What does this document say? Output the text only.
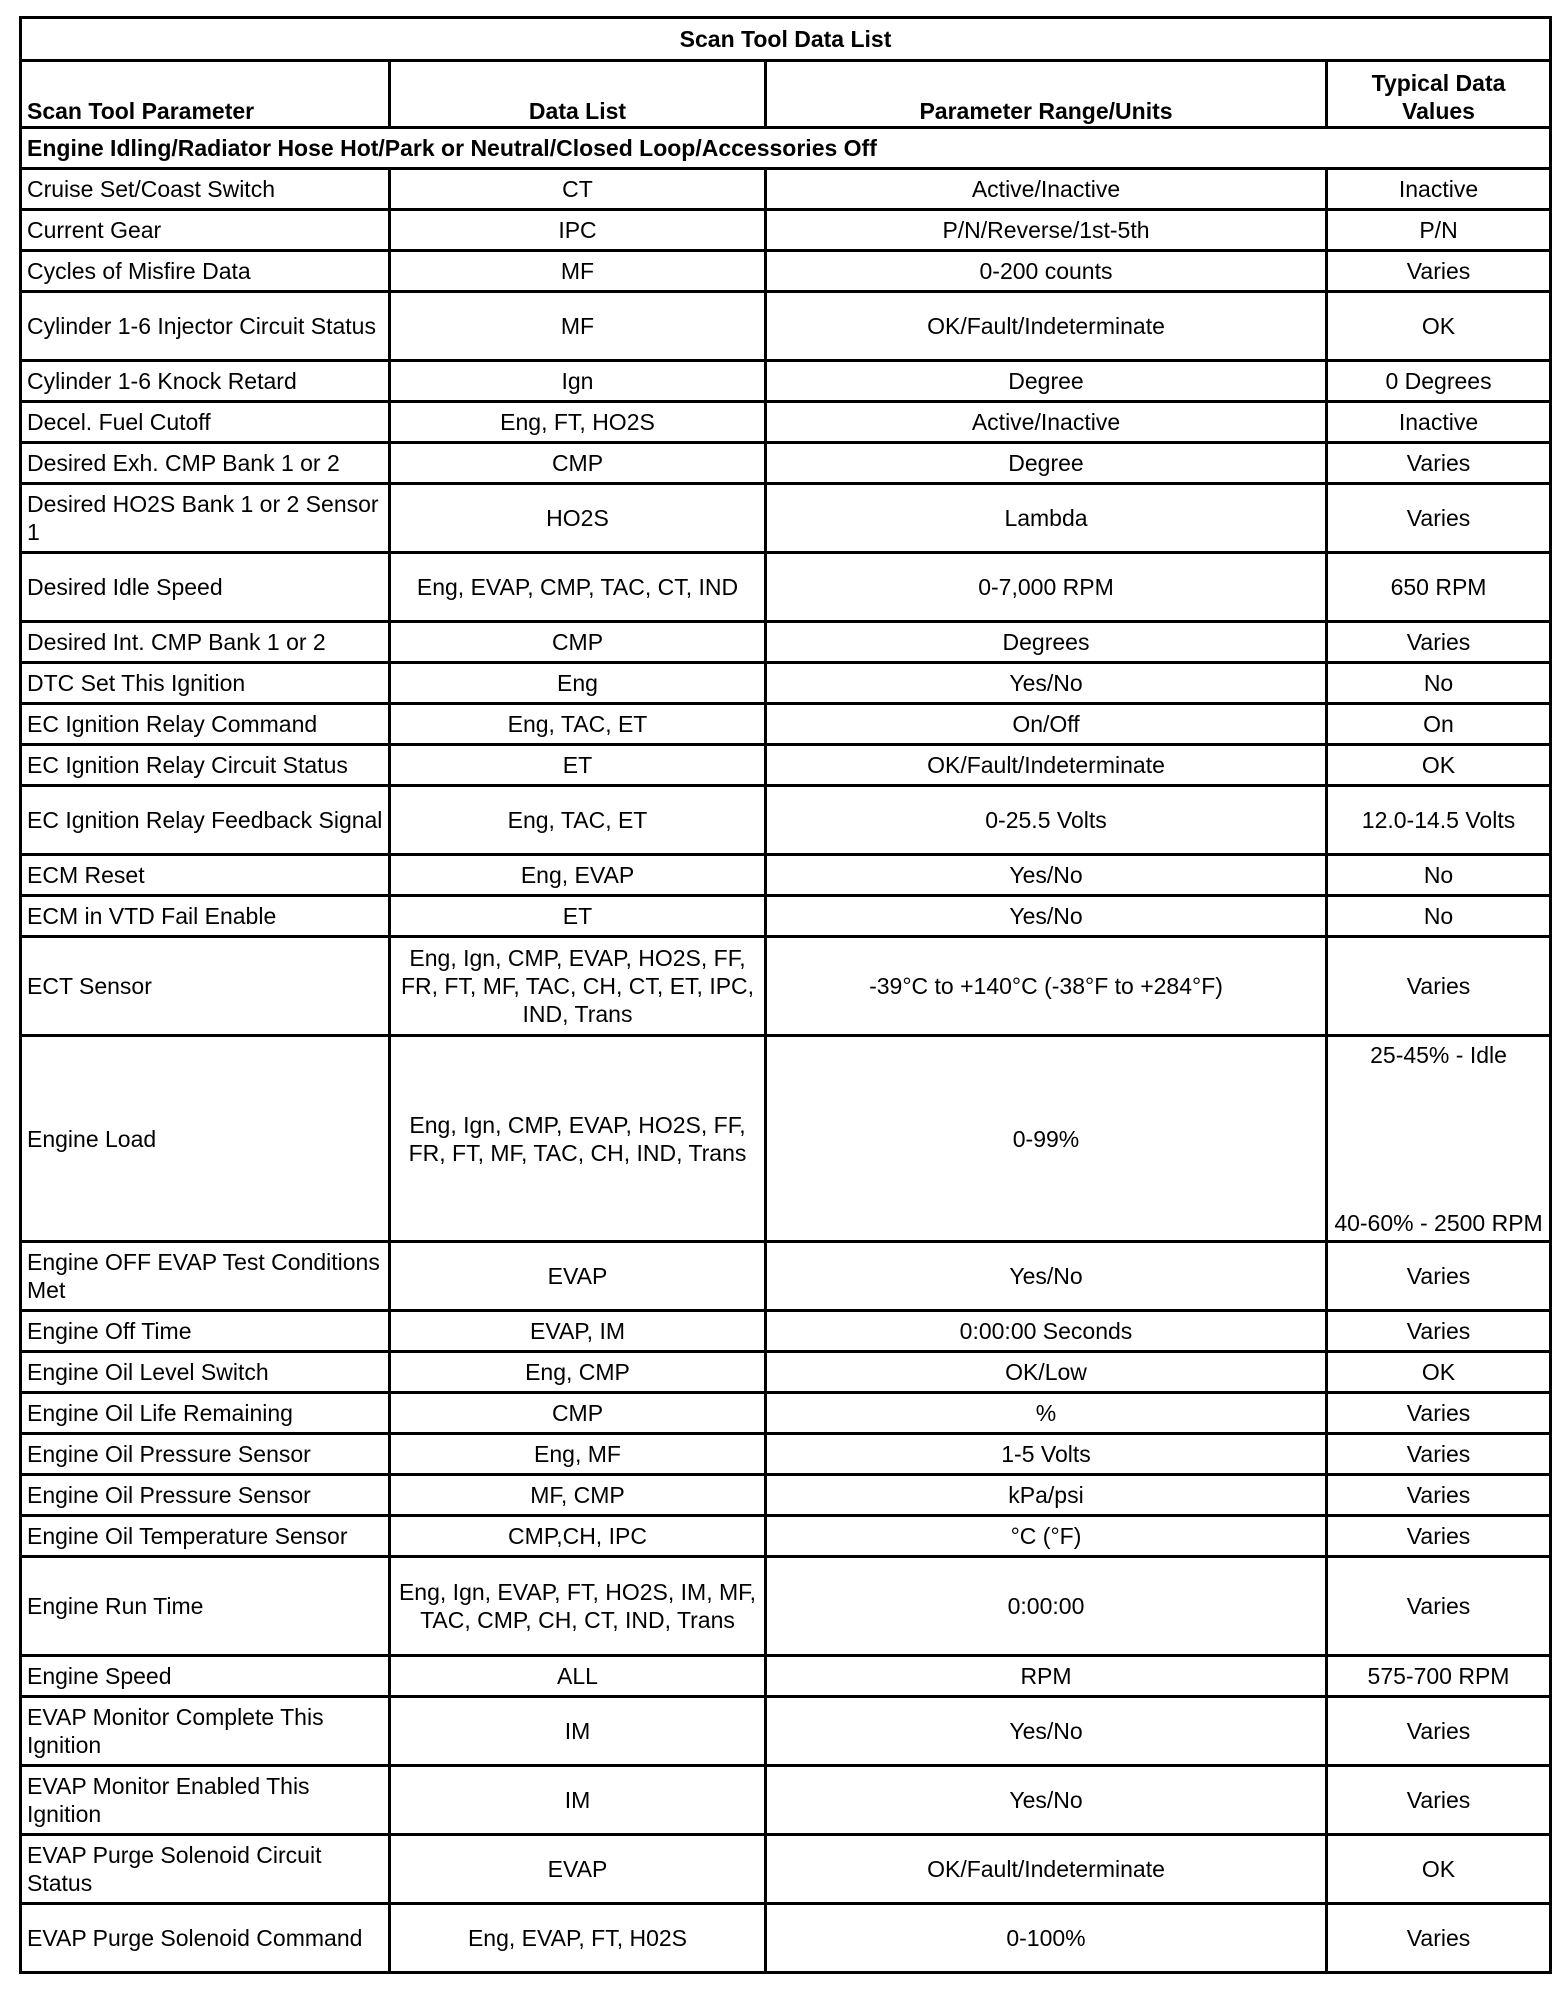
Scan Tool Data List			
Scan Tool Parameter	Data List	Parameter Range/Units	Typical Data Values
Engine Idling/Radiator Hose Hot/Park or Neutral/Closed Loop/Accessories Off			
Cruise Set/Coast Switch	CT	Active/Inactive	Inactive
Current Gear	IPC	P/N/Reverse/1st-5th	P/N
Cycles of Misfire Data	MF	0-200 counts	Varies
Cylinder 1-6 Injector Circuit Status	MF	OK/Fault/Indeterminate	OK
Cylinder 1-6 Knock Retard	Ign	Degree	0 Degrees
Decel. Fuel Cutoff	Eng, FT, HO2S	Active/Inactive	Inactive
Desired Exh. CMP Bank 1 or 2	CMP	Degree	Varies
Desired HO2S Bank 1 or 2 Sensor 1	HO2S	Lambda	Varies
Desired Idle Speed	Eng, EVAP, CMP, TAC, CT, IND	0-7,000 RPM	650 RPM
Desired Int. CMP Bank 1 or 2	CMP	Degrees	Varies
DTC Set This Ignition	Eng	Yes/No	No
EC Ignition Relay Command	Eng, TAC, ET	On/Off	On
EC Ignition Relay Circuit Status	ET	OK/Fault/Indeterminate	OK
EC Ignition Relay Feedback Signal	Eng, TAC, ET	0-25.5 Volts	12.0-14.5 Volts
ECM Reset	Eng, EVAP	Yes/No	No
ECM in VTD Fail Enable	ET	Yes/No	No
ECT Sensor	Eng, Ign, CMP, EVAP, HO2S, FF, FR, FT, MF, TAC, CH, CT, ET, IPC, IND, Trans	-39°C to +140°C (-38°F to +284°F)	Varies
Engine Load	Eng, Ign, CMP, EVAP, HO2S, FF, FR, FT, MF, TAC, CH, IND, Trans	0-99%	25-45% - Idle
40-60% - 2500 RPM

Engine OFF EVAP Test Conditions Met	EVAP	Yes/No	Varies
Engine Off Time	EVAP, IM	0:00:00 Seconds	Varies
Engine Oil Level Switch	Eng, CMP	OK/Low	OK
Engine Oil Life Remaining	CMP	%	Varies
Engine Oil Pressure Sensor	Eng, MF	1-5 Volts	Varies
Engine Oil Pressure Sensor	MF, CMP	kPa/psi	Varies
Engine Oil Temperature Sensor	CMP,CH, IPC	°C (°F)	Varies
Engine Run Time	Eng, Ign, EVAP, FT, HO2S, IM, MF, TAC, CMP, CH, CT, IND, Trans	0:00:00	Varies
Engine Speed	ALL	RPM	575-700 RPM
EVAP Monitor Complete This Ignition	IM	Yes/No	Varies
EVAP Monitor Enabled This Ignition	IM	Yes/No	Varies
EVAP Purge Solenoid Circuit Status	EVAP	OK/Fault/Indeterminate	OK
EVAP Purge Solenoid Command	Eng, EVAP, FT, H02S	0-100%	Varies
